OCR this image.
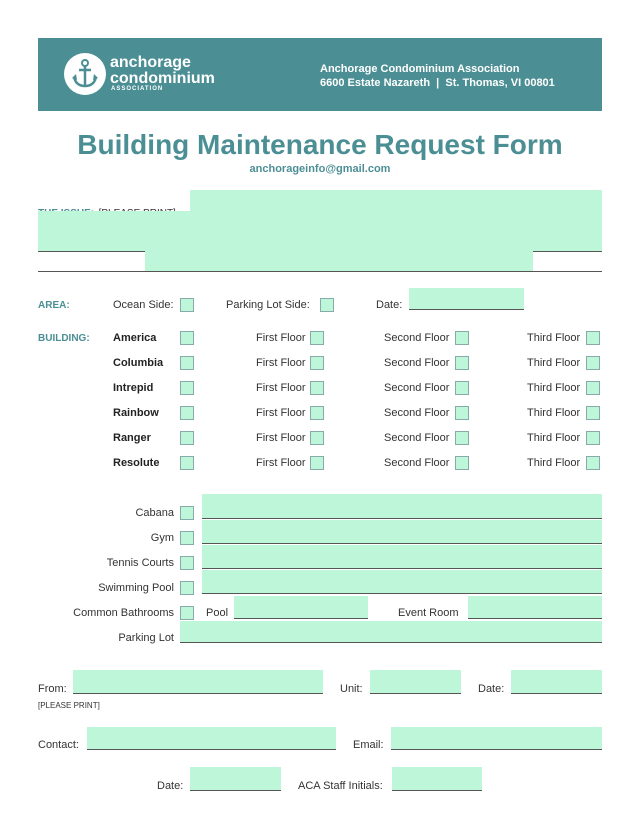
anchorage
condominium
ASSOCIATION
Anchorage Condominium Association
6600 Estate Nazareth  |  St. Thomas, VI 00801
Building Maintenance Request Form
anchorageinfo@gmail.com
AREA:	Ocean Side:	Parking Lot Side:	Date:
BUILDING: America	First Floor	Second Floor	Third Floor
Columbia	First Floor	Second Floor	Third Floor
Intrepid	First Floor	Second Floor	Third Floor
Rainbow	First Floor	Second Floor	Third Floor
Ranger	First Floor	Second Floor	Third Floor
Resolute	First Floor	Second Floor	Third Floor
Cabana
Gym
Tennis Courts
Swimming Pool
Common Bathrooms	Pool	Event Room
Parking Lot
From:
[PLEASE PRINT]
Unit:	Date:
Contact:	Email:
Date:	ACA Staff Initials:
